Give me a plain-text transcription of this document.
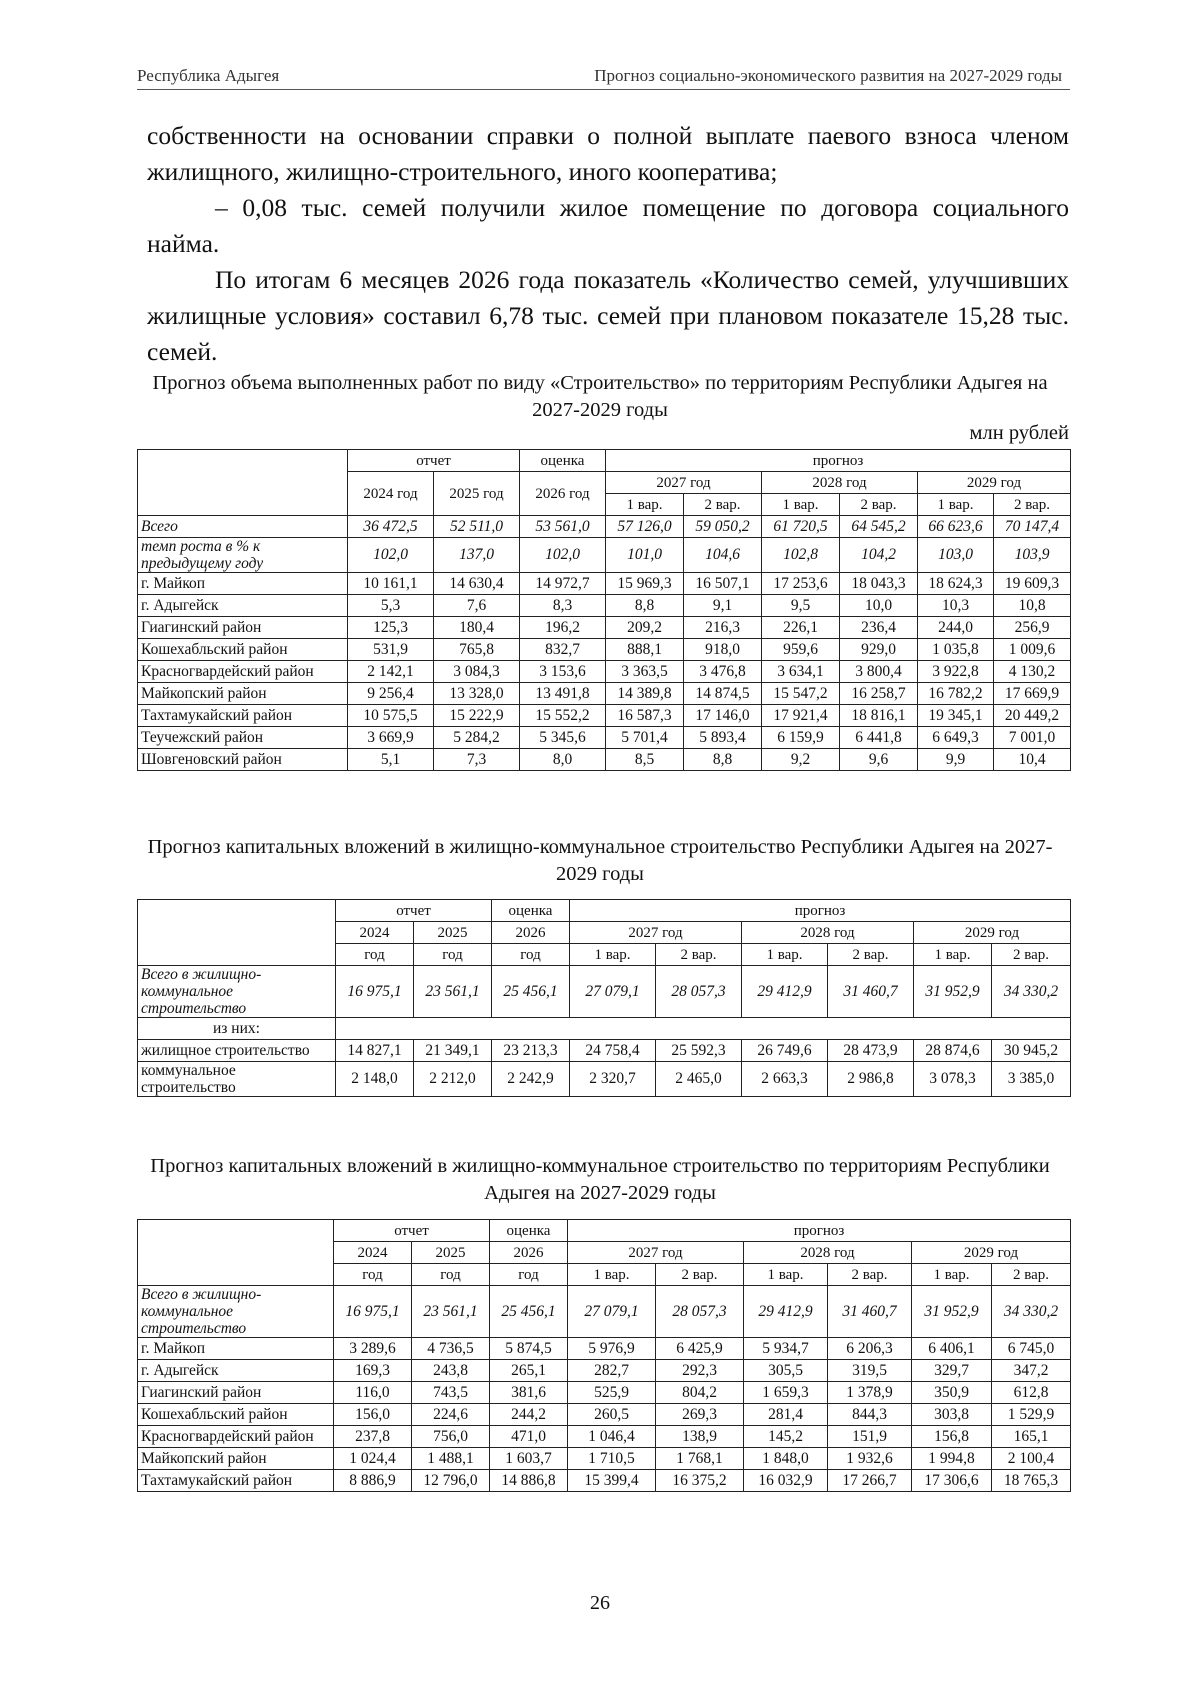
Республика Адыгея	Прогноз социально-экономического развития на 2027-2029 годы

собственности на основании справки о полной выплате паевого взноса членом жилищного, жилищно-строительного, иного кооператива;

– 0,08 тыс. семей получили жилое помещение по договора социального найма.

По итогам 6 месяцев 2026 года показатель «Количество семей, улучшивших жилищные условия» составил 6,78 тыс. семей при плановом показателе 15,28 тыс. семей.

Прогноз объема выполненных работ по виду «Строительство» по территориям Республики Адыгея на 2027-2029 годы
млн рублей
	отчет		оценка	прогноз					
	2024 год	2025 год	2026 год	2027 год		2028 год		2029 год	
				1 вар.	2 вар.	1 вар.	2 вар.	1 вар.	2 вар.
Всего	36 472,5	52 511,0	53 561,0	57 126,0	59 050,2	61 720,5	64 545,2	66 623,6	70 147,4
темп роста в % к предыдущему году	102,0	137,0	102,0	101,0	104,6	102,8	104,2	103,0	103,9
г. Майкоп	10 161,1	14 630,4	14 972,7	15 969,3	16 507,1	17 253,6	18 043,3	18 624,3	19 609,3
г. Адыгейск	5,3	7,6	8,3	8,8	9,1	9,5	10,0	10,3	10,8
Гиагинский район	125,3	180,4	196,2	209,2	216,3	226,1	236,4	244,0	256,9
Кошехабльский район	531,9	765,8	832,7	888,1	918,0	959,6	929,0	1 035,8	1 009,6
Красногвардейский район	2 142,1	3 084,3	3 153,6	3 363,5	3 476,8	3 634,1	3 800,4	3 922,8	4 130,2
Майкопский район	9 256,4	13 328,0	13 491,8	14 389,8	14 874,5	15 547,2	16 258,7	16 782,2	17 669,9
Тахтамукайский район	10 575,5	15 222,9	15 552,2	16 587,3	17 146,0	17 921,4	18 816,1	19 345,1	20 449,2
Теучежский район	3 669,9	5 284,2	5 345,6	5 701,4	5 893,4	6 159,9	6 441,8	6 649,3	7 001,0
Шовгеновский район	5,1	7,3	8,0	8,5	8,8	9,2	9,6	9,9	10,4
Прогноз капитальных вложений в жилищно-коммунальное строительство Республики Адыгея на 2027-2029 годы
	отчет		оценка	прогноз					
	2024	2025	2026	2027 год		2028 год		2029 год	
	год	год	год	1 вар.	2 вар.	1 вар.	2 вар.	1 вар.	2 вар.
Всего в жилищно-коммунальное строительство	16 975,1	23 561,1	25 456,1	27 079,1	28 057,3	29 412,9	31 460,7	31 952,9	34 330,2
из них:									
жилищное строительство	14 827,1	21 349,1	23 213,3	24 758,4	25 592,3	26 749,6	28 473,9	28 874,6	30 945,2
коммунальное строительство	2 148,0	2 212,0	2 242,9	2 320,7	2 465,0	2 663,3	2 986,8	3 078,3	3 385,0
Прогноз капитальных вложений в жилищно-коммунальное строительство по территориям Республики Адыгея на 2027-2029 годы
	отчет		оценка	прогноз					
	2024	2025	2026	2027 год		2028 год		2029 год	
	год	год	год	1 вар.	2 вар.	1 вар.	2 вар.	1 вар.	2 вар.
Всего в жилищно-коммунальное строительство	16 975,1	23 561,1	25 456,1	27 079,1	28 057,3	29 412,9	31 460,7	31 952,9	34 330,2
г. Майкоп	3 289,6	4 736,5	5 874,5	5 976,9	6 425,9	5 934,7	6 206,3	6 406,1	6 745,0
г. Адыгейск	169,3	243,8	265,1	282,7	292,3	305,5	319,5	329,7	347,2
Гиагинский район	116,0	743,5	381,6	525,9	804,2	1 659,3	1 378,9	350,9	612,8
Кошехабльский район	156,0	224,6	244,2	260,5	269,3	281,4	844,3	303,8	1 529,9
Красногвардейский район	237,8	756,0	471,0	1 046,4	138,9	145,2	151,9	156,8	165,1
Майкопский район	1 024,4	1 488,1	1 603,7	1 710,5	1 768,1	1 848,0	1 932,6	1 994,8	2 100,4
Тахтамукайский район	8 886,9	12 796,0	14 886,8	15 399,4	16 375,2	16 032,9	17 266,7	17 306,6	18 765,3
26
